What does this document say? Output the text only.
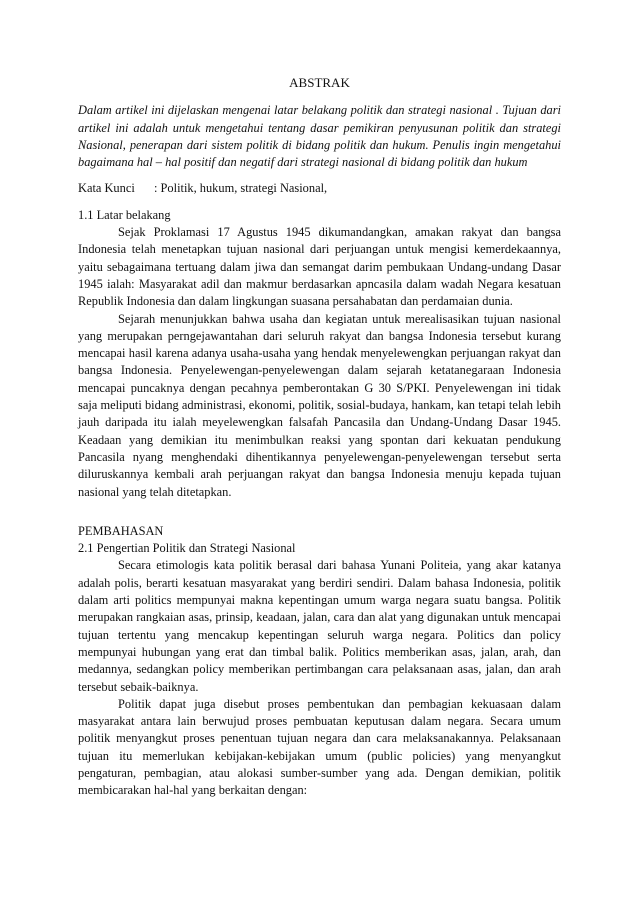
ABSTRAK

Dalam artikel ini dijelaskan mengenai latar belakang politik dan strategi nasional . Tujuan dari artikel ini adalah untuk mengetahui tentang dasar pemikiran penyusunan politik dan strategi Nasional, penerapan dari sistem politik di bidang politik dan hukum. Penulis ingin mengetahui bagaimana hal – hal positif dan negatif dari strategi nasional di bidang politik dan hukum

Kata Kunci	: Politik, hukum, strategi Nasional,
1.1 Latar belakang

Sejak Proklamasi 17 Agustus 1945 dikumandangkan, amakan rakyat dan bangsa Indonesia telah menetapkan tujuan nasional dari perjuangan untuk mengisi kemerdekaannya, yaitu sebagaimana tertuang dalam jiwa dan semangat darim pembukaan Undang-undang Dasar 1945 ialah: Masyarakat adil dan makmur berdasarkan apncasila dalam wadah Negara kesatuan Republik Indonesia dan dalam lingkungan suasana persahabatan dan perdamaian dunia.

Sejarah menunjukkan bahwa usaha dan kegiatan untuk merealisasikan tujuan nasional yang merupakan perngejawantahan dari seluruh rakyat dan bangsa Indonesia tersebut kurang mencapai hasil karena adanya usaha-usaha yang hendak menyelewengkan perjuangan rakyat dan bangsa Indonesia. Penyelewengan-penyelewengan dalam sejarah ketatanegaraan Indonesia mencapai puncaknya dengan pecahnya pemberontakan G 30 S/PKI. Penyelewengan ini tidak saja meliputi bidang administrasi, ekonomi, politik, sosial-budaya, hankam, kan tetapi telah lebih jauh daripada itu ialah meyelewengkan falsafah Pancasila dan Undang-Undang Dasar 1945. Keadaan yang demikian itu menimbulkan reaksi yang spontan dari kekuatan pendukung Pancasila nyang menghendaki dihentikannya penyelewengan-penyelewengan tersebut serta diluruskannya kembali arah perjuangan rakyat dan bangsa Indonesia menuju kepada tujuan nasional yang telah ditetapkan.

PEMBAHASAN
2.1 Pengertian Politik dan Strategi Nasional

Secara etimologis kata politik berasal dari bahasa Yunani Politeia, yang akar katanya adalah polis, berarti kesatuan masyarakat yang berdiri sendiri. Dalam bahasa Indonesia, politik dalam arti politics mempunyai makna kepentingan umum warga negara suatu bangsa. Politik merupakan rangkaian asas, prinsip, keadaan, jalan, cara dan alat yang digunakan untuk mencapai tujuan tertentu yang mencakup kepentingan seluruh warga negara. Politics dan policy mempunyai hubungan yang erat dan timbal balik. Politics memberikan asas, jalan, arah, dan medannya, sedangkan policy memberikan pertimbangan cara pelaksanaan asas, jalan, dan arah tersebut sebaik-baiknya.

Politik dapat juga disebut proses pembentukan dan pembagian kekuasaan dalam masyarakat antara lain berwujud proses pembuatan keputusan dalam negara. Secara umum politik menyangkut proses penentuan tujuan negara dan cara melaksanakannya. Pelaksanaan tujuan itu memerlukan kebijakan-kebijakan umum (public policies) yang menyangkut pengaturan, pembagian, atau alokasi sumber-sumber yang ada. Dengan demikian, politik membicarakan hal-hal yang berkaitan dengan:
